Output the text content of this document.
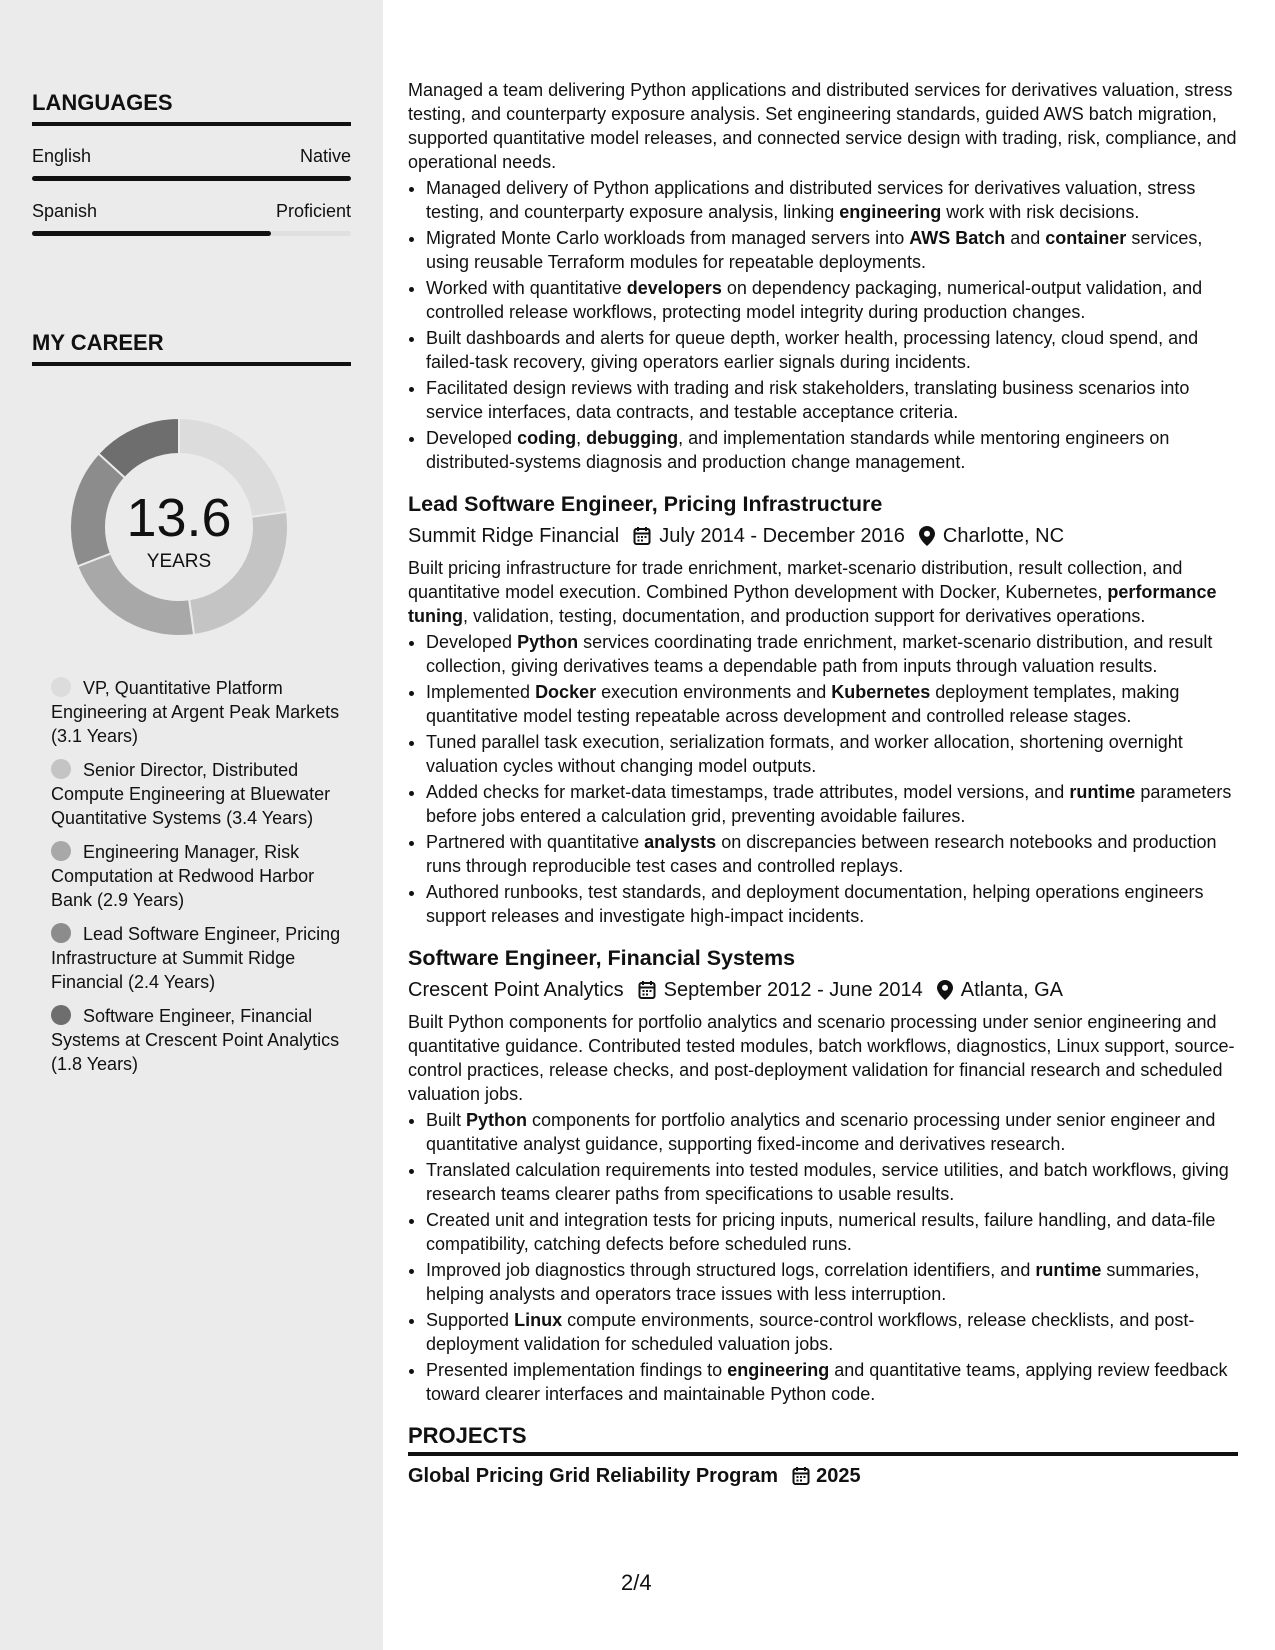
LANGUAGES
English	Native
Spanish	Proficient
MY CAREER
13.6
YEARS
VP, Quantitative Platform Engineering at Argent Peak Markets (3.1 Years)
Senior Director, Distributed Compute Engineering at Bluewater Quantitative Systems (3.4 Years)
Engineering Manager, Risk Computation at Redwood Harbor Bank (2.9 Years)
Lead Software Engineer, Pricing Infrastructure at Summit Ridge Financial (2.4 Years)
Software Engineer, Financial Systems at Crescent Point Analytics (1.8 Years)

Managed a team delivering Python applications and distributed services for derivatives valuation, stress testing, and counterparty exposure analysis. Set engineering standards, guided AWS batch migration, supported quantitative model releases, and connected service design with trading, risk, compliance, and operational needs.

• Managed delivery of Python applications and distributed services for derivatives valuation, stress testing, and counterparty exposure analysis, linking engineering work with risk decisions.
• Migrated Monte Carlo workloads from managed servers into AWS Batch and container services, using reusable Terraform modules for repeatable deployments.
• Worked with quantitative developers on dependency packaging, numerical-output validation, and controlled release workflows, protecting model integrity during production changes.
• Built dashboards and alerts for queue depth, worker health, processing latency, cloud spend, and failed-task recovery, giving operators earlier signals during incidents.
• Facilitated design reviews with trading and risk stakeholders, translating business scenarios into service interfaces, data contracts, and testable acceptance criteria.
• Developed coding, debugging, and implementation standards while mentoring engineers on distributed-systems diagnosis and production change management.
Lead Software Engineer, Pricing Infrastructure
Summit Ridge Financial July 2014 - December 2016 Charlotte, NC

Built pricing infrastructure for trade enrichment, market-scenario distribution, result collection, and quantitative model execution. Combined Python development with Docker, Kubernetes, performance tuning, validation, testing, documentation, and production support for derivatives operations.

• Developed Python services coordinating trade enrichment, market-scenario distribution, and result collection, giving derivatives teams a dependable path from inputs through valuation results.
• Implemented Docker execution environments and Kubernetes deployment templates, making quantitative model testing repeatable across development and controlled release stages.
• Tuned parallel task execution, serialization formats, and worker allocation, shortening overnight valuation cycles without changing model outputs.
• Added checks for market-data timestamps, trade attributes, model versions, and runtime parameters before jobs entered a calculation grid, preventing avoidable failures.
• Partnered with quantitative analysts on discrepancies between research notebooks and production runs through reproducible test cases and controlled replays.
• Authored runbooks, test standards, and deployment documentation, helping operations engineers support releases and investigate high-impact incidents.
Software Engineer, Financial Systems
Crescent Point Analytics September 2012 - June 2014 Atlanta, GA

Built Python components for portfolio analytics and scenario processing under senior engineering and quantitative guidance. Contributed tested modules, batch workflows, diagnostics, Linux support, source-control practices, release checks, and post-deployment validation for financial research and scheduled valuation jobs.

• Built Python components for portfolio analytics and scenario processing under senior engineer and quantitative analyst guidance, supporting fixed-income and derivatives research.
• Translated calculation requirements into tested modules, service utilities, and batch workflows, giving research teams clearer paths from specifications to usable results.
• Created unit and integration tests for pricing inputs, numerical results, failure handling, and data-file compatibility, catching defects before scheduled runs.
• Improved job diagnostics through structured logs, correlation identifiers, and runtime summaries, helping analysts and operators trace issues with less interruption.
• Supported Linux compute environments, source-control workflows, release checklists, and post-deployment validation for scheduled valuation jobs.
• Presented implementation findings to engineering and quantitative teams, applying review feedback toward clearer interfaces and maintainable Python code.
PROJECTS
Global Pricing Grid Reliability Program 2025
2/4
